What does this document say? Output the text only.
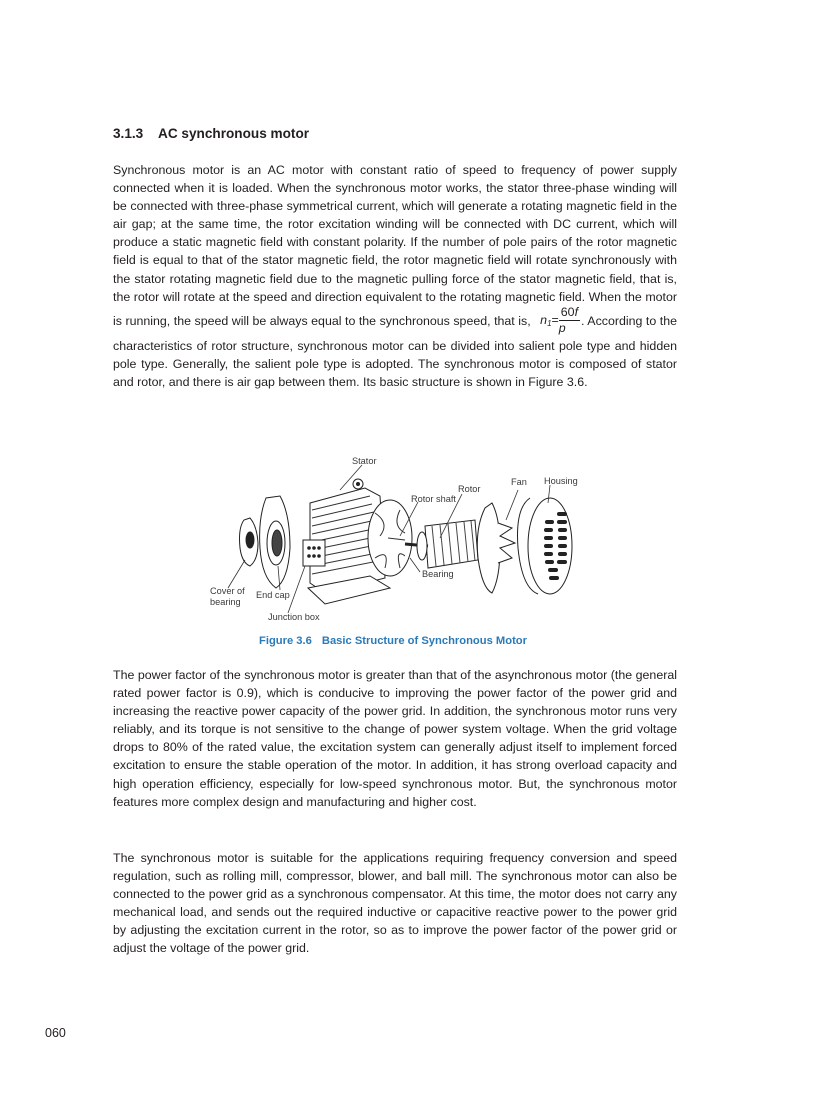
3.1.3 AC synchronous motor

Synchronous motor is an AC motor with constant ratio of speed to frequency of power supply connected when it is loaded. When the synchronous motor works, the stator three-phase winding will be connected with three-phase symmetrical current, which will generate a rotating magnetic field in the air gap; at the same time, the rotor excitation winding will be connected with DC current, which will produce a static magnetic field with constant polarity. If the number of pole pairs of the rotor magnetic field is equal to that of the stator magnetic field, the rotor magnetic field will rotate synchronously with the stator rotating magnetic field due to the magnetic pulling force of the stator magnetic field, that is, the rotor will rotate at the speed and direction equivalent to the rotating magnetic field. When the motor is running, the speed will be always equal to the synchronous speed, that is, $n_1= \frac{60f}{p}$ . According to the characteristics of rotor structure, synchronous motor can be divided into salient pole type and hidden pole type. Generally, the salient pole type is adopted. The synchronous motor is composed of stator and rotor, and there is air gap between them. Its basic structure is shown in Figure 3.6.

Stator
Rotor
Rotor shaft
Fan Housing
Bearing
Cover of
bearing
End cap
Junction box
Figure 3.6 Basic Structure of Synchronous Motor

The power factor of the synchronous motor is greater than that of the asynchronous motor (the general rated power factor is 0.9), which is conducive to improving the power factor of the power grid and increasing the reactive power capacity of the power grid. In addition, the synchronous motor runs very reliably, and its torque is not sensitive to the change of power system voltage. When the grid voltage drops to 80% of the rated value, the excitation system can generally adjust itself to implement forced excitation to ensure the stable operation of the motor. In addition, it has strong overload capacity and high operation efficiency, especially for low-speed synchronous motor. But, the synchronous motor features more complex design and manufacturing and higher cost.

The synchronous motor is suitable for the applications requiring frequency conversion and speed regulation, such as rolling mill, compressor, blower, and ball mill. The synchronous motor can also be connected to the power grid as a synchronous compensator. At this time, the motor does not carry any mechanical load, and sends out the required inductive or capacitive reactive power to the power grid by adjusting the excitation current in the rotor, so as to improve the power factor of the power grid or adjust the voltage of the power grid.

060
